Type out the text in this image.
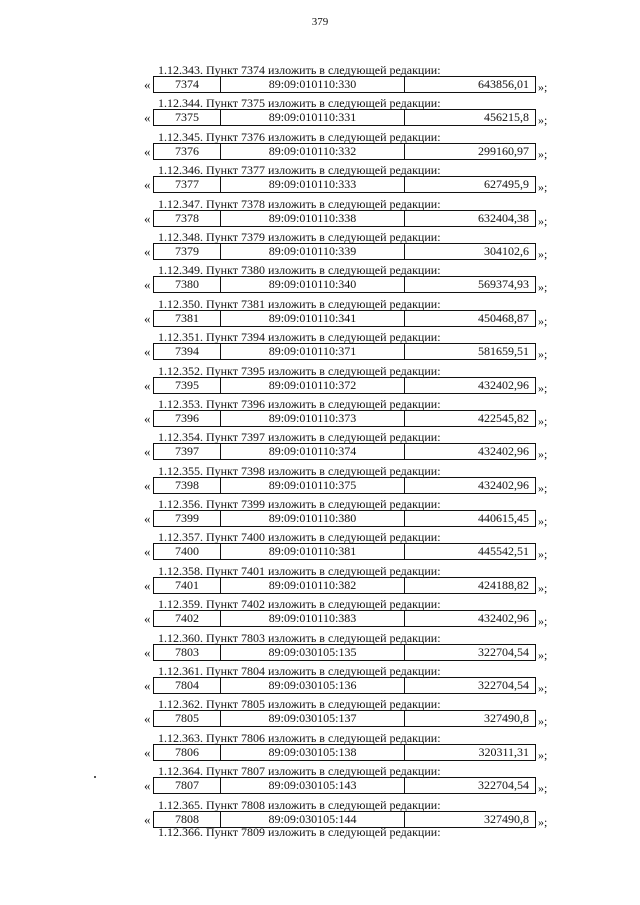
379
1.12.343. Пункт 7374 изложить в следующей редакции:
«	7374	89:09:010110:330	643856,01 »;
1.12.344. Пункт 7375 изложить в следующей редакции:
«	7375	89:09:010110:331	456215,8 »;
1.12.345. Пункт 7376 изложить в следующей редакции:
«	7376	89:09:010110:332	299160,97 »;
1.12.346. Пункт 7377 изложить в следующей редакции:
«	7377	89:09:010110:333	627495,9 »;
1.12.347. Пункт 7378 изложить в следующей редакции:
«	7378	89:09:010110:338	632404,38 »;
1.12.348. Пункт 7379 изложить в следующей редакции:
«	7379	89:09:010110:339	304102,6 »;
1.12.349. Пункт 7380 изложить в следующей редакции:
«	7380	89:09:010110:340	569374,93 »;
1.12.350. Пункт 7381 изложить в следующей редакции:
«	7381	89:09:010110:341	450468,87 »;
1.12.351. Пункт 7394 изложить в следующей редакции:
«	7394	89:09:010110:371	581659,51 »;
1.12.352. Пункт 7395 изложить в следующей редакции:
«	7395	89:09:010110:372	432402,96 »;
1.12.353. Пункт 7396 изложить в следующей редакции:
«	7396	89:09:010110:373	422545,82 »;
1.12.354. Пункт 7397 изложить в следующей редакции:
«	7397	89:09:010110:374	432402,96 »;
1.12.355. Пункт 7398 изложить в следующей редакции:
«	7398	89:09:010110:375	432402,96 »;
1.12.356. Пункт 7399 изложить в следующей редакции:
«	7399	89:09:010110:380	440615,45 »;
1.12.357. Пункт 7400 изложить в следующей редакции:
«	7400	89:09:010110:381	445542,51 »;
1.12.358. Пункт 7401 изложить в следующей редакции:
«	7401	89:09:010110:382	424188,82 »;
1.12.359. Пункт 7402 изложить в следующей редакции:
«	7402	89:09:010110:383	432402,96 »;
1.12.360. Пункт 7803 изложить в следующей редакции:
«	7803	89:09:030105:135	322704,54 »;
1.12.361. Пункт 7804 изложить в следующей редакции:
«	7804	89:09:030105:136	322704,54 »;
1.12.362. Пункт 7805 изложить в следующей редакции:
«	7805	89:09:030105:137	327490,8 »;
1.12.363. Пункт 7806 изложить в следующей редакции:
«	7806	89:09:030105:138	320311,31 »;
1.12.364. Пункт 7807 изложить в следующей редакции:
«	7807	89:09:030105:143	322704,54 »;
1.12.365. Пункт 7808 изложить в следующей редакции:
«	7808	89:09:030105:144	327490,8 »;
1.12.366. Пункт 7809 изложить в следующей редакции:
